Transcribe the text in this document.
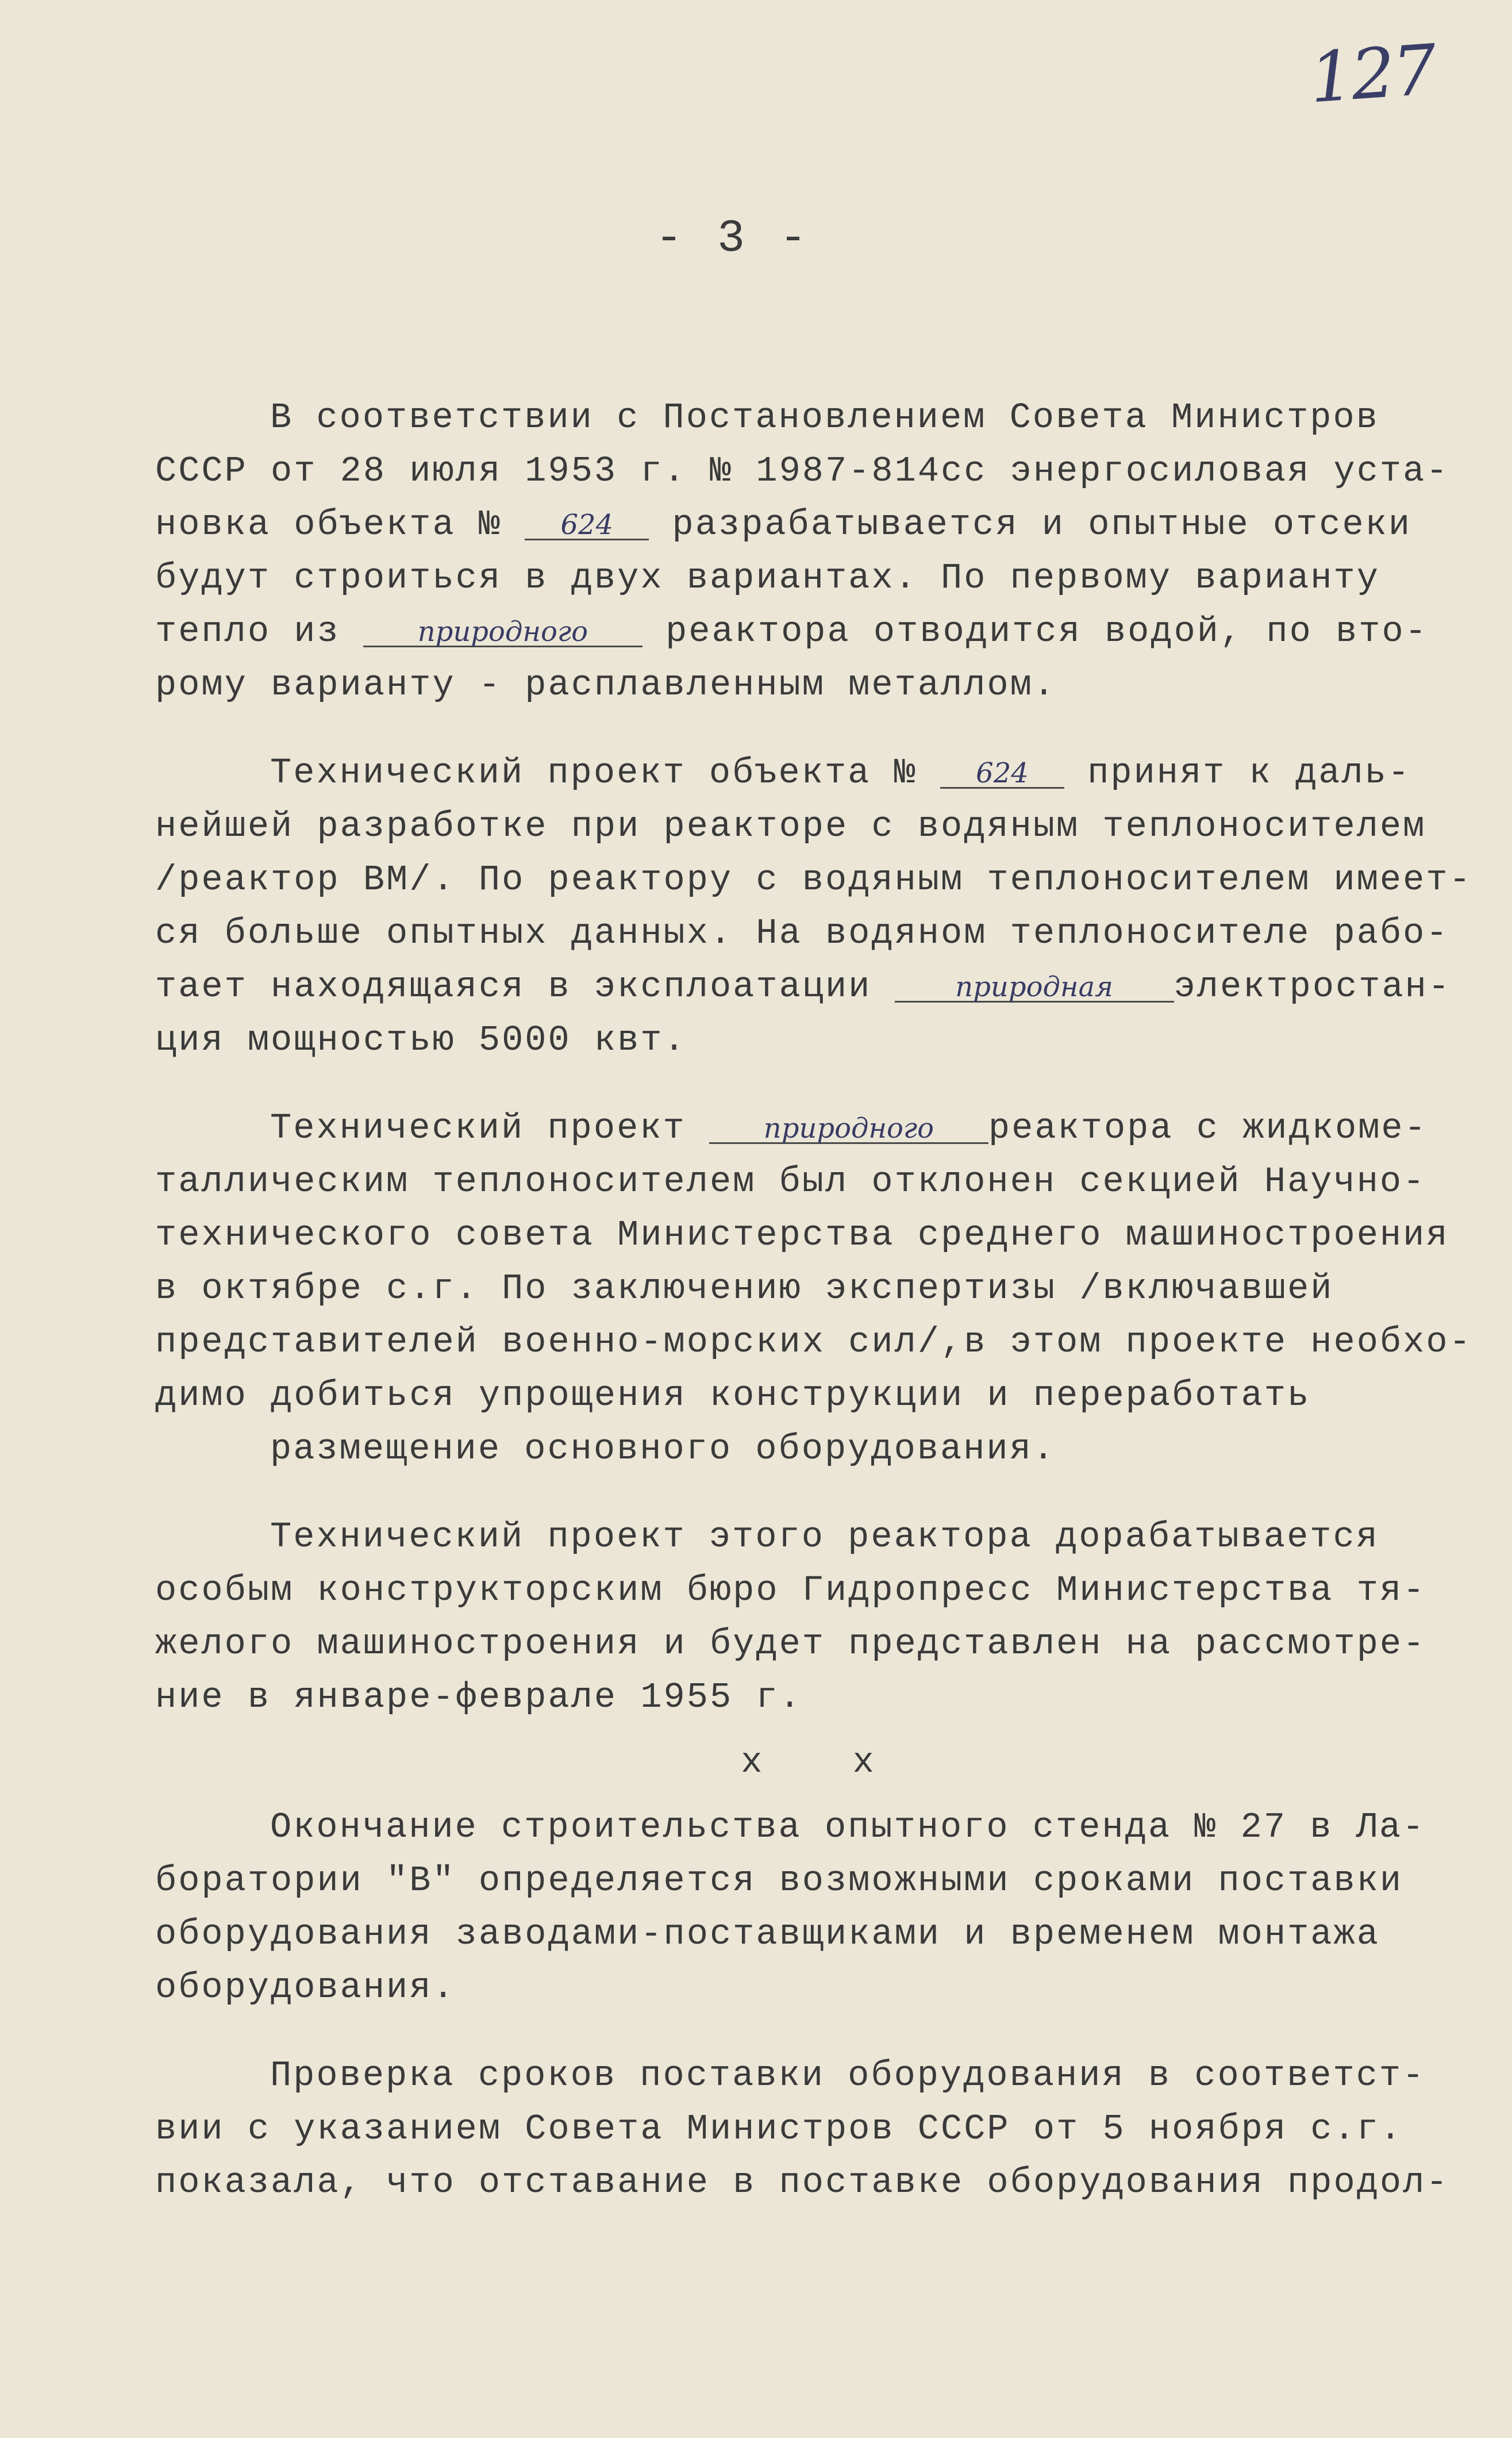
127
- 3 -
В соответствии с Постановлением Совета Министров
СССР от 28 июля 1953 г. № 1987-814сс энергосиловая уста-
новка объекта № 624 разрабатывается и опытные отсеки
будут строиться в двух вариантах. По первому варианту
тепло из природного реактора отводится водой, по вто-
рому варианту - расплавленным металлом.
Технический проект объекта № 624 принят к даль-
нейшей разработке при реакторе с водяным теплоносителем
/реактор ВМ/. По реактору с водяным теплоносителем имеет-
ся больше опытных данных. На водяном теплоносителе рабо-
тает находящаяся в эксплоатации природная электростан-
ция мощностью 5000 квт.
Технический проект природного реактора с жидкоме-
таллическим теплоносителем был отклонен секцией Научно-
технического совета Министерства среднего машиностроения
в октябре с.г. По заключению экспертизы /включавшей
представителей военно-морских сил/,в этом проекте необхо-
димо добиться упрощения конструкции и переработать
размещение основного оборудования.
Технический проект этого реактора дорабатывается
особым конструкторским бюро Гидропресс Министерства тя-
желого машиностроения и будет представлен на рассмотре-
ние в январе-феврале 1955 г.
x x
Окончание строительства опытного стенда № 27 в Ла-
боратории "В" определяется возможными сроками поставки
оборудования заводами-поставщиками и временем монтажа
оборудования.
Проверка сроков поставки оборудования в соответст-
вии с указанием Совета Министров СССР от 5 ноября с.г.
показала, что отставание в поставке оборудования продол-
